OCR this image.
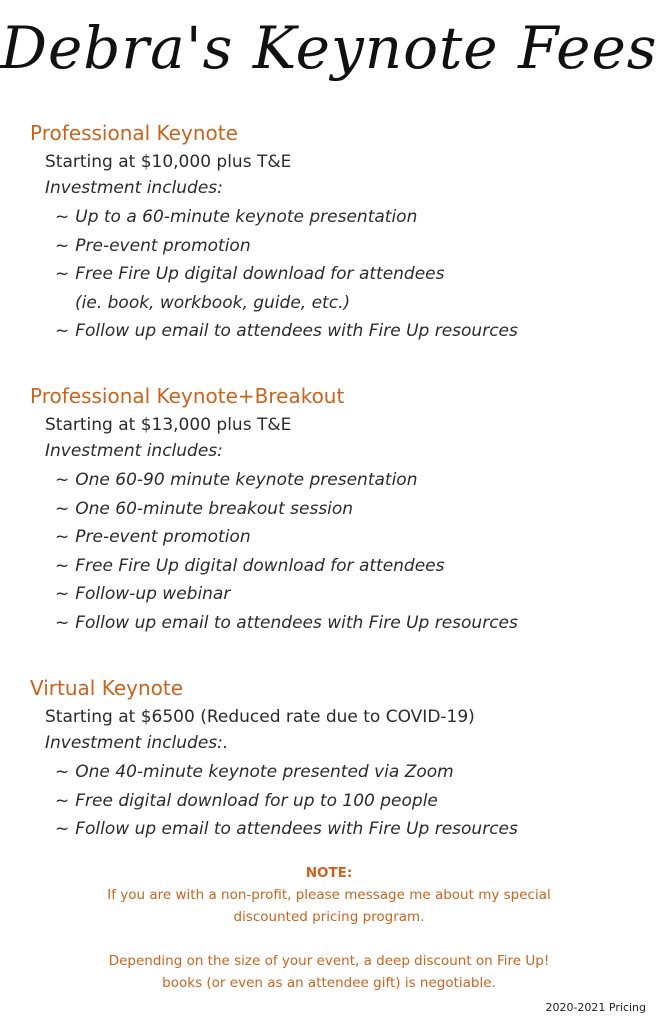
Debra's Keynote Fees
Professional Keynote
Starting at $10,000 plus T&E
Investment includes:
~ Up to a 60-minute keynote presentation
~ Pre-event promotion
~ Free Fire Up digital download for attendees
(ie. book, workbook, guide, etc.)
~ Follow up email to attendees with Fire Up resources
Professional Keynote+Breakout
Starting at $13,000 plus T&E
Investment includes:
~ One 60-90 minute keynote presentation
~ One 60-minute breakout session
~ Pre-event promotion
~ Free Fire Up digital download for attendees
~ Follow-up webinar
~ Follow up email to attendees with Fire Up resources
Virtual Keynote
Starting at $6500 (Reduced rate due to COVID-19)
Investment includes:.
~ One 40-minute keynote presented via Zoom
~ Free digital download for up to 100 people
~ Follow up email to attendees with Fire Up resources

NOTE:

If you are with a non-profit, please message me about my special

discounted pricing program.

Depending on the size of your event, a deep discount on Fire Up!

books (or even as an attendee gift) is negotiable.

2020-2021 Pricing
